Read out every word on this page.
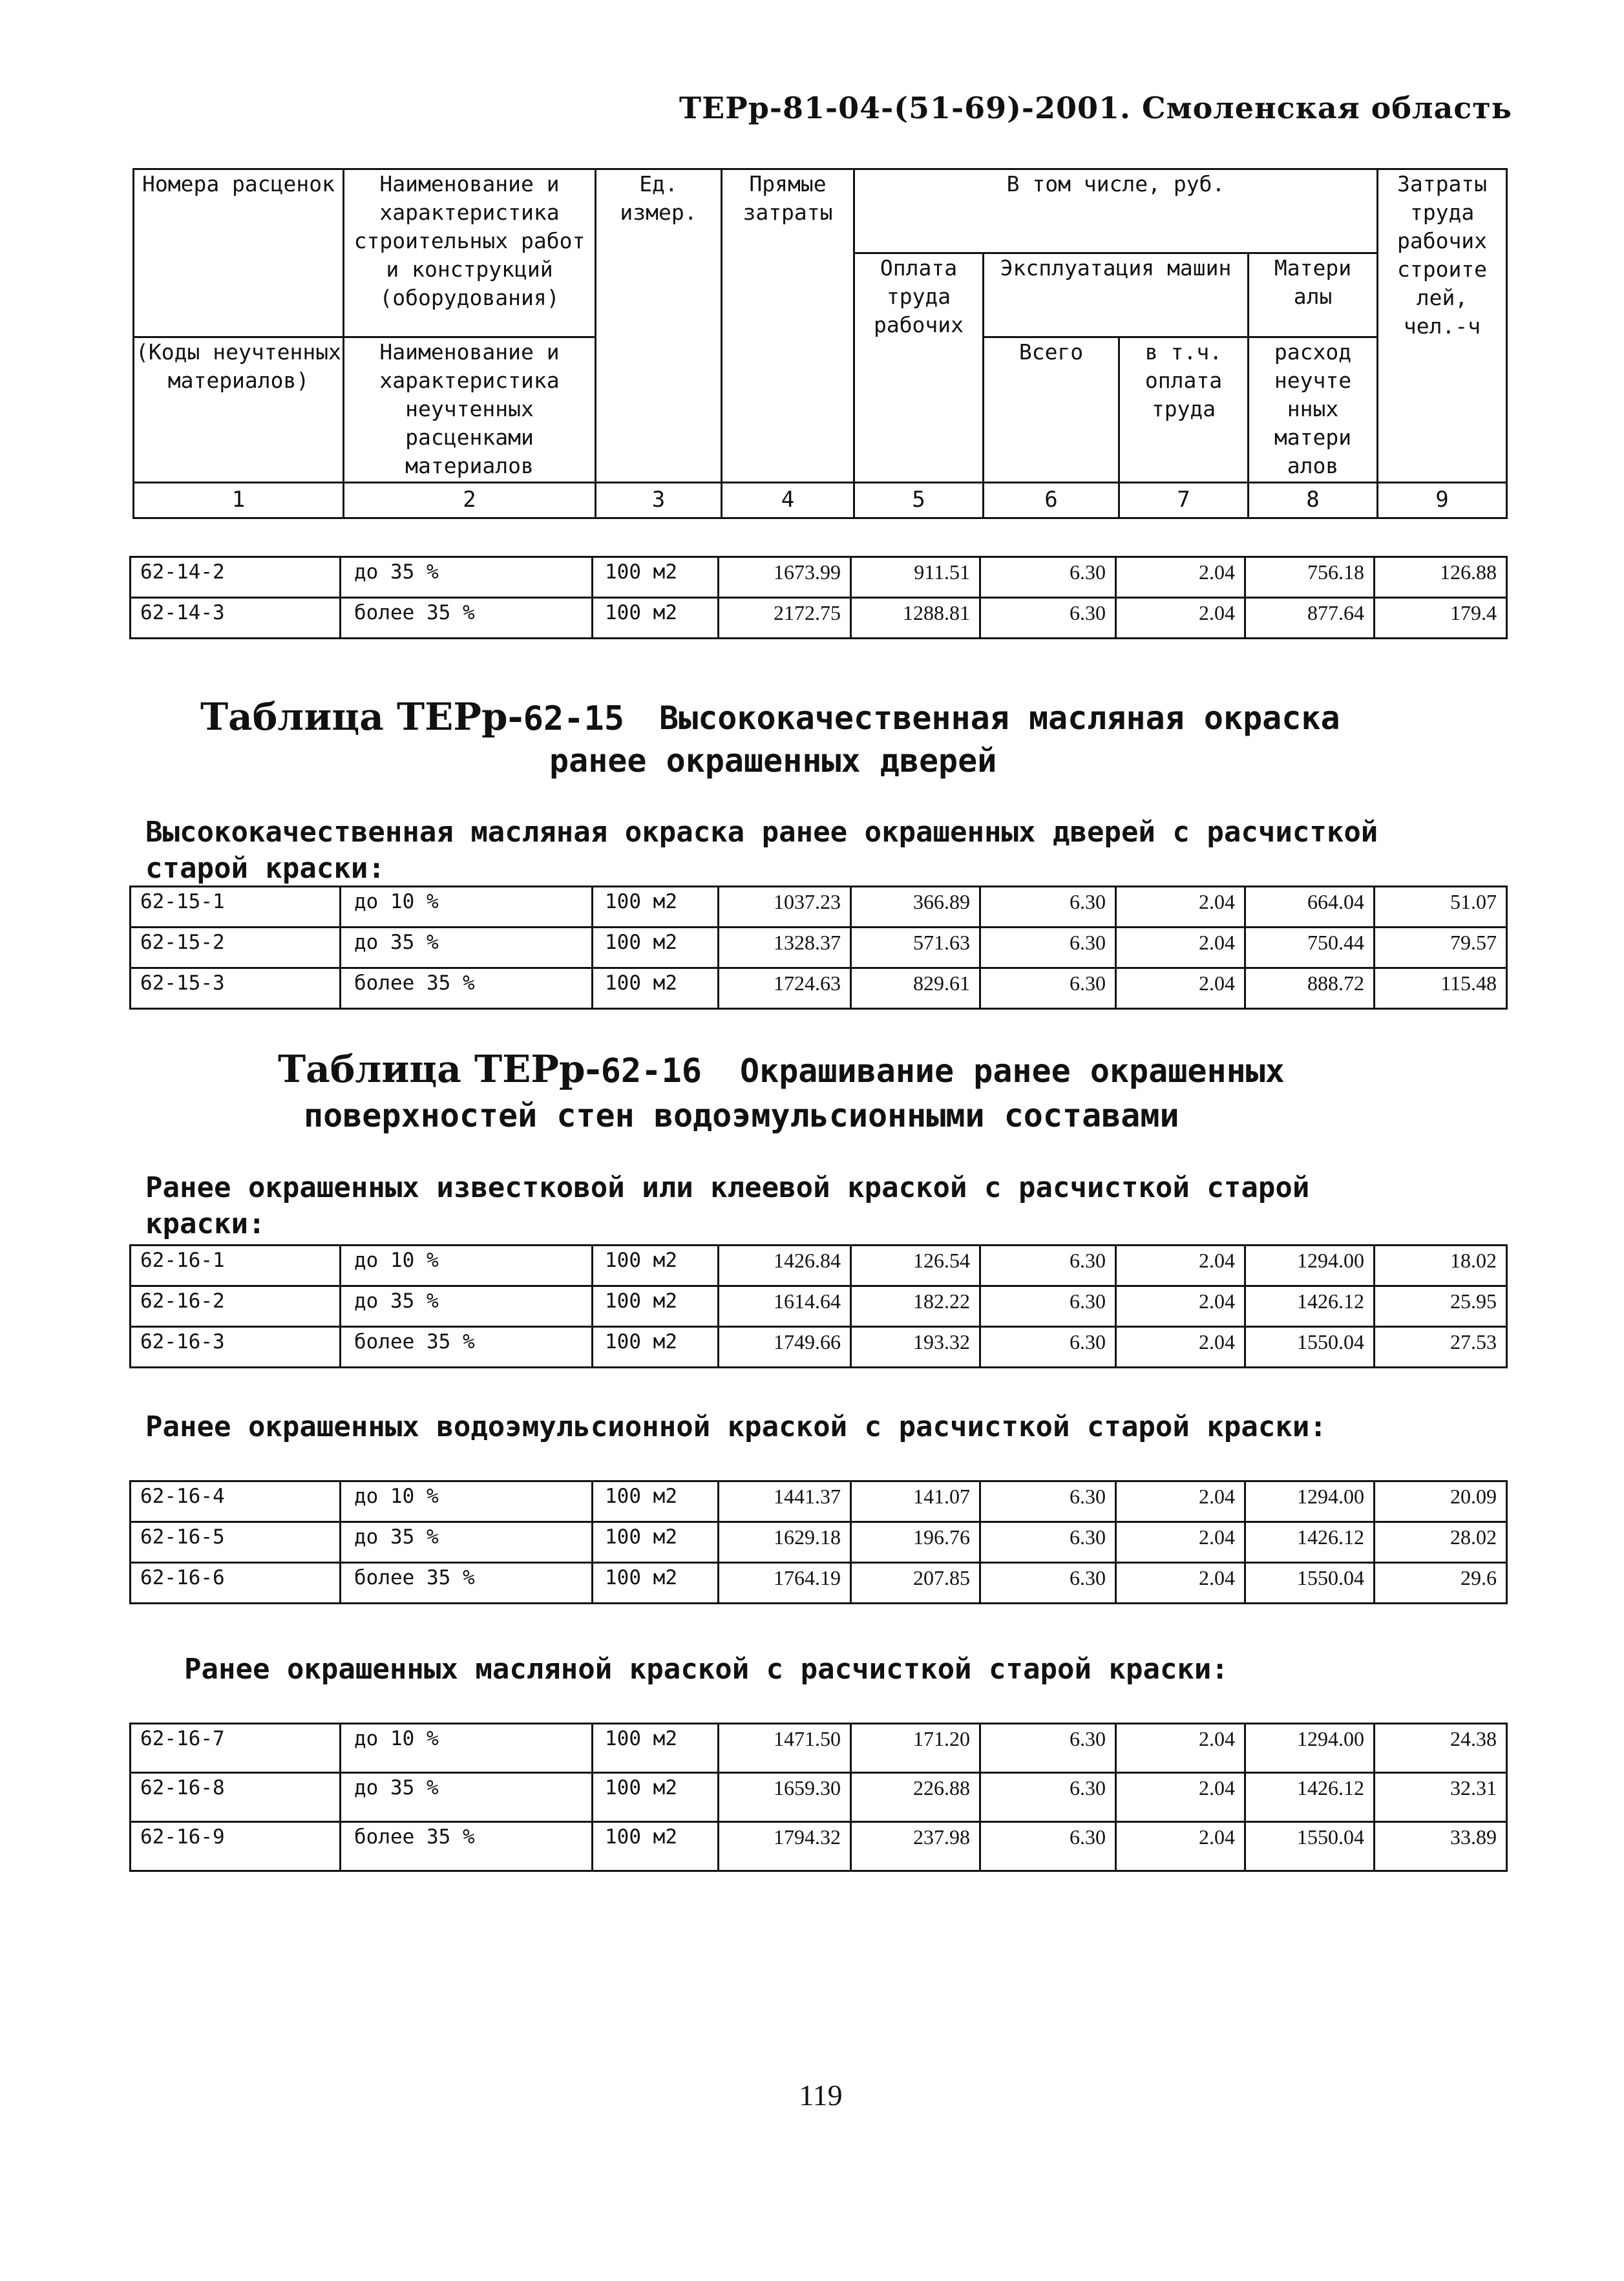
ТЕРр-81-04-(51-69)-2001. Смоленская область
Номера расценок	Наименование и характеристика строительных работ и конструкций (оборудования)	Ед. измер.	Прямые затраты	В том числе, руб.				Затраты труда рабочих строите лей, чел.-ч
				Оплата труда рабочих	Эксплуатация машин		Матери алы	
(Коды неучтенных материалов)	Наименование и характеристика неучтенных расценками материалов				Всего	в т.ч. оплата труда	расход неучте нных матери алов	
1	2	3	4	5	6	7	8	9
62-14-2	до 35 %	100 м2	1673.99	911.51	6.30	2.04	756.18	126.88
62-14-3	более 35 %	100 м2	2172.75	1288.81	6.30	2.04	877.64	179.4
Таблица ТЕРр-62-15 Высококачественная масляная окраска
ранее окрашенных дверей
Высококачественная масляная окраска ранее окрашенных дверей с расчисткой старой краски:
62-15-1	до 10 %	100 м2	1037.23	366.89	6.30	2.04	664.04	51.07
62-15-2	до 35 %	100 м2	1328.37	571.63	6.30	2.04	750.44	79.57
62-15-3	более 35 %	100 м2	1724.63	829.61	6.30	2.04	888.72	115.48
Таблица ТЕРр-62-16 Окрашивание ранее окрашенных
поверхностей стен водоэмульсионными составами
Ранее окрашенных известковой или клеевой краской с расчисткой старой краски:
62-16-1	до 10 %	100 м2	1426.84	126.54	6.30	2.04	1294.00	18.02
62-16-2	до 35 %	100 м2	1614.64	182.22	6.30	2.04	1426.12	25.95
62-16-3	более 35 %	100 м2	1749.66	193.32	6.30	2.04	1550.04	27.53
Ранее окрашенных водоэмульсионной краской с расчисткой старой краски:
62-16-4	до 10 %	100 м2	1441.37	141.07	6.30	2.04	1294.00	20.09
62-16-5	до 35 %	100 м2	1629.18	196.76	6.30	2.04	1426.12	28.02
62-16-6	более 35 %	100 м2	1764.19	207.85	6.30	2.04	1550.04	29.6
Ранее окрашенных масляной краской с расчисткой старой краски:
62-16-7	до 10 %	100 м2	1471.50	171.20	6.30	2.04	1294.00	24.38
62-16-8	до 35 %	100 м2	1659.30	226.88	6.30	2.04	1426.12	32.31
62-16-9	более 35 %	100 м2	1794.32	237.98	6.30	2.04	1550.04	33.89
119
